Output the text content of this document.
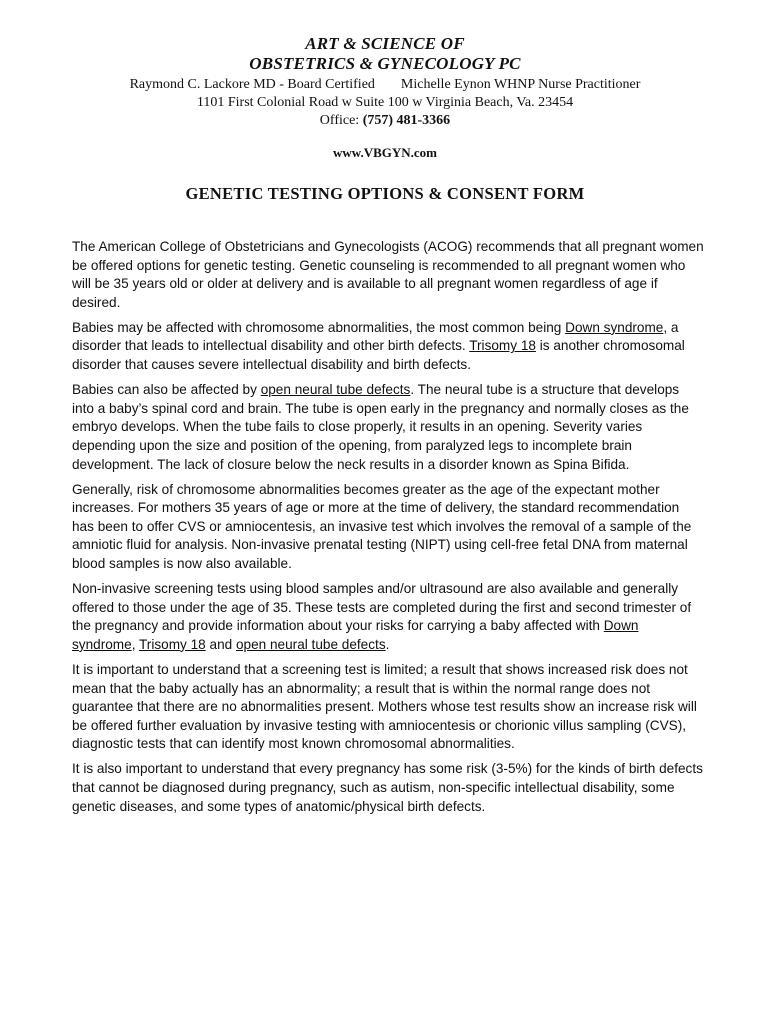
ART & SCIENCE OF
OBSTETRICS & GYNECOLOGY PC
Raymond C. Lackore MD - Board Certified Michelle Eynon WHNP Nurse Practitioner
1101 First Colonial Road w Suite 100 w Virginia Beach, Va. 23454
Office: (757) 481-3366
www.VBGYN.com
GENETIC TESTING OPTIONS & CONSENT FORM

The American College of Obstetricians and Gynecologists (ACOG) recommends that all pregnant women be offered options for genetic testing. Genetic counseling is recommended to all pregnant women who will be 35 years old or older at delivery and is available to all pregnant women regardless of age if desired.

Babies may be affected with chromosome abnormalities, the most common being Down syndrome, a disorder that leads to intellectual disability and other birth defects. Trisomy 18 is another chromosomal disorder that causes severe intellectual disability and birth defects.

Babies can also be affected by open neural tube defects. The neural tube is a structure that develops into a baby’s spinal cord and brain. The tube is open early in the pregnancy and normally closes as the embryo develops. When the tube fails to close properly, it results in an opening. Severity varies depending upon the size and position of the opening, from paralyzed legs to incomplete brain development. The lack of closure below the neck results in a disorder known as Spina Bifida.

Generally, risk of chromosome abnormalities becomes greater as the age of the expectant mother increases. For mothers 35 years of age or more at the time of delivery, the standard recommendation has been to offer CVS or amniocentesis, an invasive test which involves the removal of a sample of the amniotic fluid for analysis. Non-invasive prenatal testing (NIPT) using cell-free fetal DNA from maternal blood samples is now also available.

Non-invasive screening tests using blood samples and/or ultrasound are also available and generally offered to those under the age of 35. These tests are completed during the first and second trimester of the pregnancy and provide information about your risks for carrying a baby affected with Down syndrome, Trisomy 18 and open neural tube defects.

It is important to understand that a screening test is limited; a result that shows increased risk does not mean that the baby actually has an abnormality; a result that is within the normal range does not guarantee that there are no abnormalities present. Mothers whose test results show an increase risk will be offered further evaluation by invasive testing with amniocentesis or chorionic villus sampling (CVS), diagnostic tests that can identify most known chromosomal abnormalities.

It is also important to understand that every pregnancy has some risk (3-5%) for the kinds of birth defects that cannot be diagnosed during pregnancy, such as autism, non-specific intellectual disability, some genetic diseases, and some types of anatomic/physical birth defects.
